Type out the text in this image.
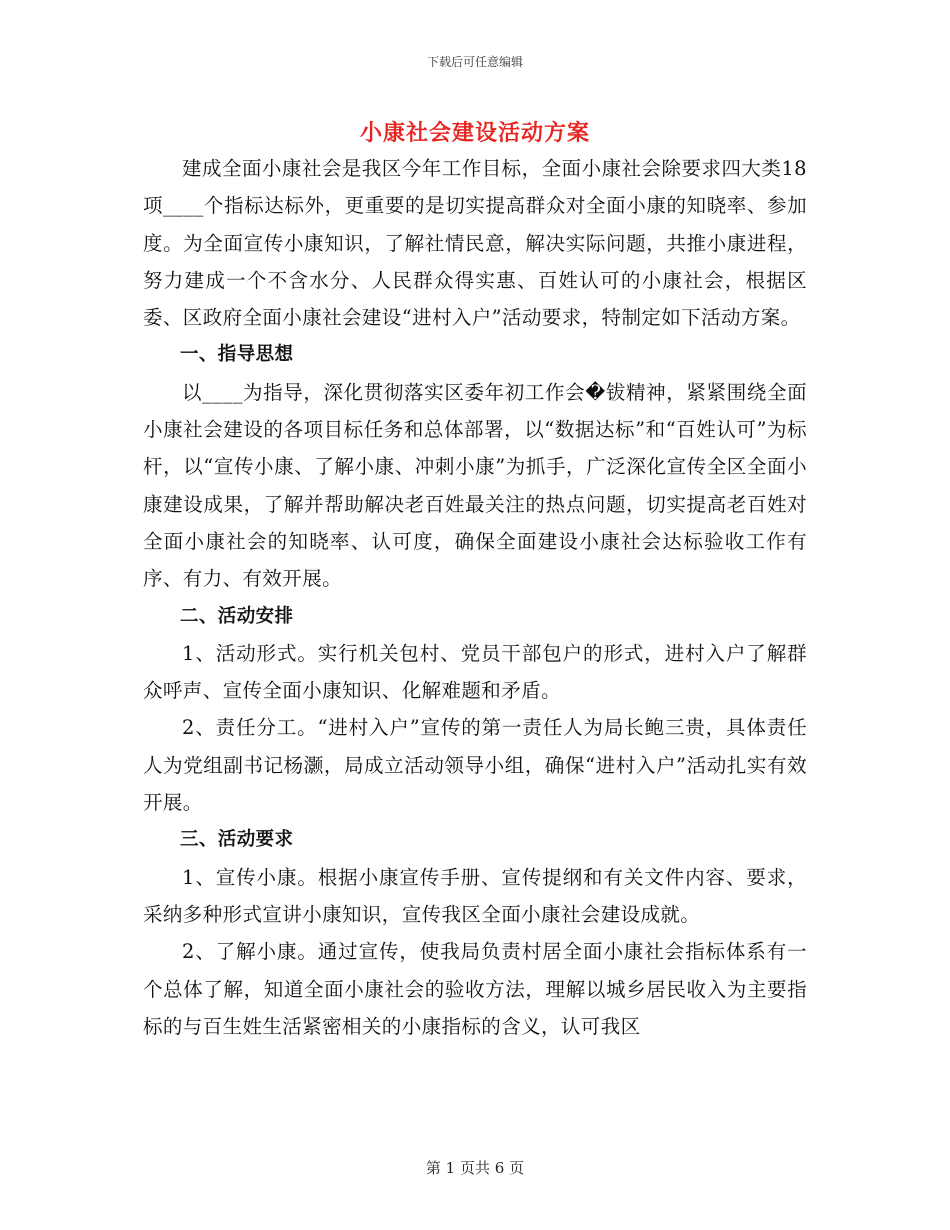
下载后可任意编辑
小康社会建设活动方案

建成全面小康社会是我区今年工作目标，全面小康社会除要求四大类18项____个指标达标外，更重要的是切实提高群众对全面小康的知晓率、参加度。为全面宣传小康知识，了解社情民意，解决实际问题，共推小康进程，努力建成一个不含水分、人民群众得实惠、百姓认可的小康社会，根据区委、区政府全面小康社会建设“进村入户”活动要求，特制定如下活动方案。

一、指导思想

以____为指导，深化贯彻落实区委年初工作会�钹精神，紧紧围绕全面小康社会建设的各项目标任务和总体部署，以“数据达标”和“百姓认可”为标杆，以“宣传小康、了解小康、冲刺小康”为抓手，广泛深化宣传全区全面小康建设成果，了解并帮助解决老百姓最关注的热点问题，切实提高老百姓对全面小康社会的知晓率、认可度，确保全面建设小康社会达标验收工作有序、有力、有效开展。

二、活动安排

1、活动形式。实行机关包村、党员干部包户的形式，进村入户了解群众呼声、宣传全面小康知识、化解难题和矛盾。

2、责任分工。“进村入户”宣传的第一责任人为局长鲍三贵，具体责任人为党组副书记杨灏，局成立活动领导小组，确保“进村入户”活动扎实有效开展。

三、活动要求

1、宣传小康。根据小康宣传手册、宣传提纲和有关文件内容、要求，采纳多种形式宣讲小康知识，宣传我区全面小康社会建设成就。

2、了解小康。通过宣传，使我局负责村居全面小康社会指标体系有一个总体了解，知道全面小康社会的验收方法，理解以城乡居民收入为主要指标的与百生姓生活紧密相关的小康指标的含义，认可我区

第 1 页共 6 页
